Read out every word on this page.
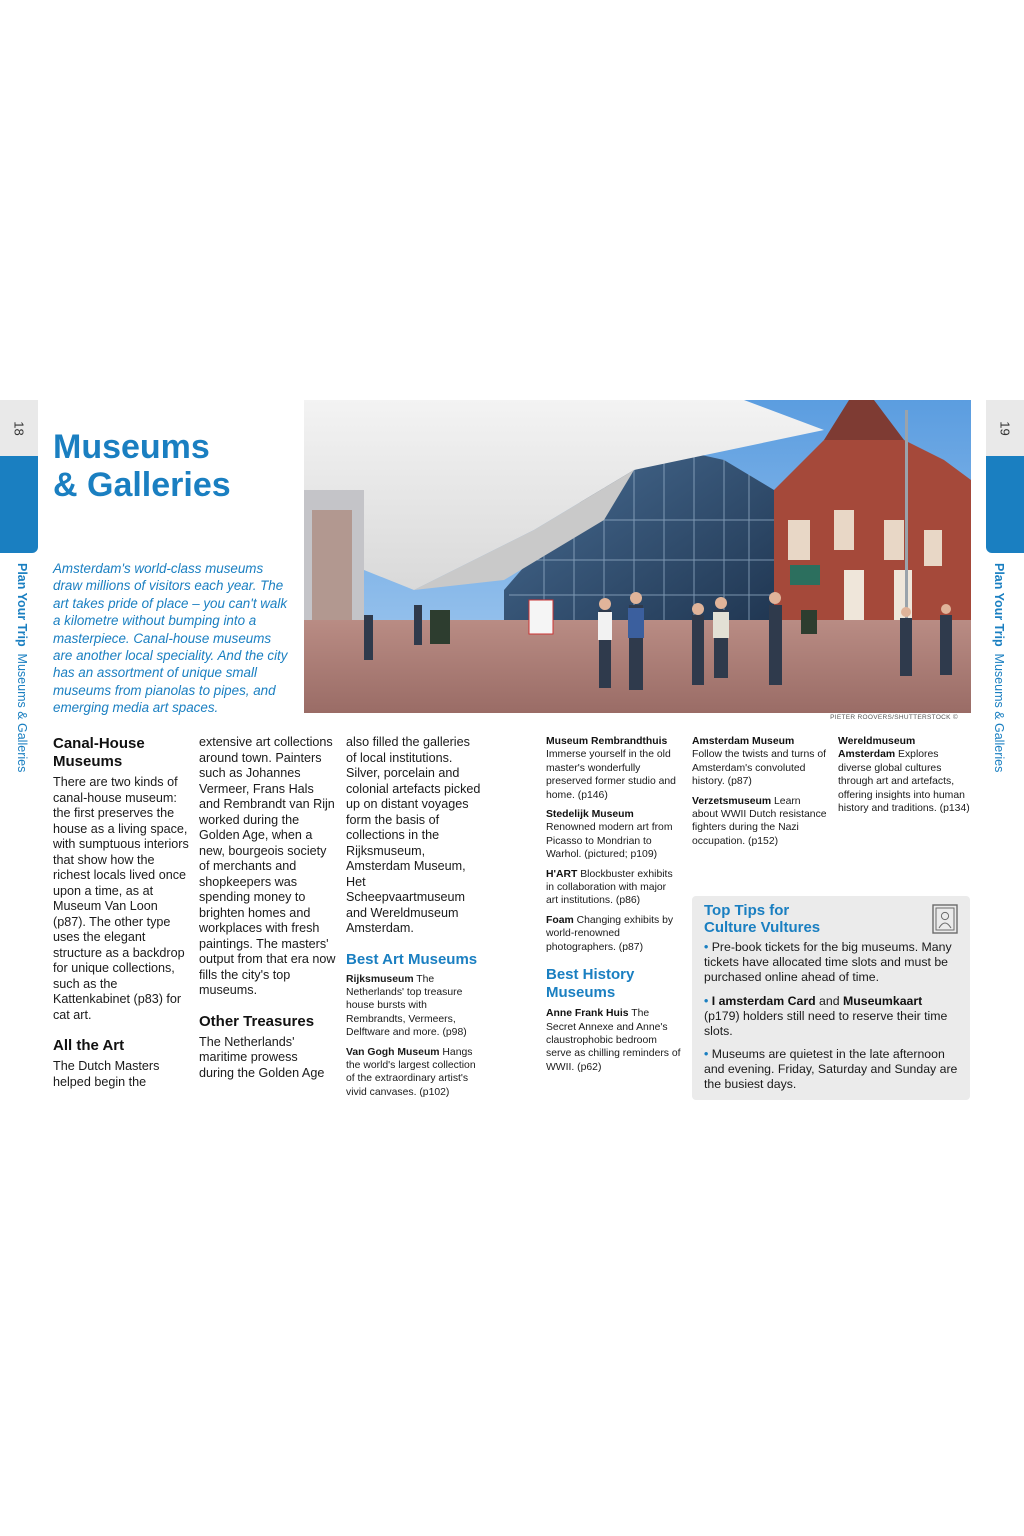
18
Plan Your Trip  Museums & Galleries
19
Plan Your Trip  Museums & Galleries
Museums
& Galleries

Amsterdam's world-class museums draw millions of visitors each year. The art takes pride of place – you can't walk a kilometre without bumping into a masterpiece. Canal-house museums are another local speciality. And the city has an assortment of unique small museums from pianolas to pipes, and emerging media art spaces.

PIETER ROOVERS/SHUTTERSTOCK ©
Canal-House Museums

There are two kinds of canal-house museum: the first preserves the house as a living space, with sumptuous interiors that show how the richest locals lived once upon a time, as at Museum Van Loon (p87). The other type uses the elegant structure as a backdrop for unique collections, such as the Kattenkabinet (p83) for cat art.

All the Art

The Dutch Masters helped begin the

extensive art collections around town. Painters such as Johannes Vermeer, Frans Hals and Rembrandt van Rijn worked during the Golden Age, when a new, bourgeois society of merchants and shopkeepers was spending money to brighten homes and workplaces with fresh paintings. The masters' output from that era now fills the city's top museums.

Other Treasures

The Netherlands' maritime prowess during the Golden Age

also filled the galleries of local institutions. Silver, porcelain and colonial artefacts picked up on distant voyages form the basis of collections in the Rijksmuseum, Amsterdam Museum, Het Scheepvaartmuseum and Wereldmuseum Amsterdam.

Best Art Museums
Rijksmuseum The Netherlands' top treasure house bursts with Rembrandts, Vermeers, Delftware and more. (p98)
Van Gogh Museum Hangs the world's largest collection of the extraordinary artist's vivid canvases. (p102)
Museum Rembrandthuis Immerse yourself in the old master's wonderfully preserved former studio and home. (p146)
Stedelijk Museum Renowned modern art from Picasso to Mondrian to Warhol. (pictured; p109)
H'ART Blockbuster exhibits in collaboration with major art institutions. (p86)
Foam Changing exhibits by world-renowned photographers. (p87)
Best History Museums
Anne Frank Huis The Secret Annexe and Anne's claustrophobic bedroom serve as chilling reminders of WWII. (p62)
Amsterdam Museum Follow the twists and turns of Amsterdam's convoluted history. (p87)
Verzetsmuseum Learn about WWII Dutch resistance fighters during the Nazi occupation. (p152)
Wereldmuseum Amsterdam Explores diverse global cultures through art and artefacts, offering insights into human history and traditions. (p134)
Top Tips for
Culture Vultures
• Pre-book tickets for the big museums. Many tickets have allocated time slots and must be purchased online ahead of time.
• I amsterdam Card and Museumkaart (p179) holders still need to reserve their time slots.
• Museums are quietest in the late afternoon and evening. Friday, Saturday and Sunday are the busiest days.
